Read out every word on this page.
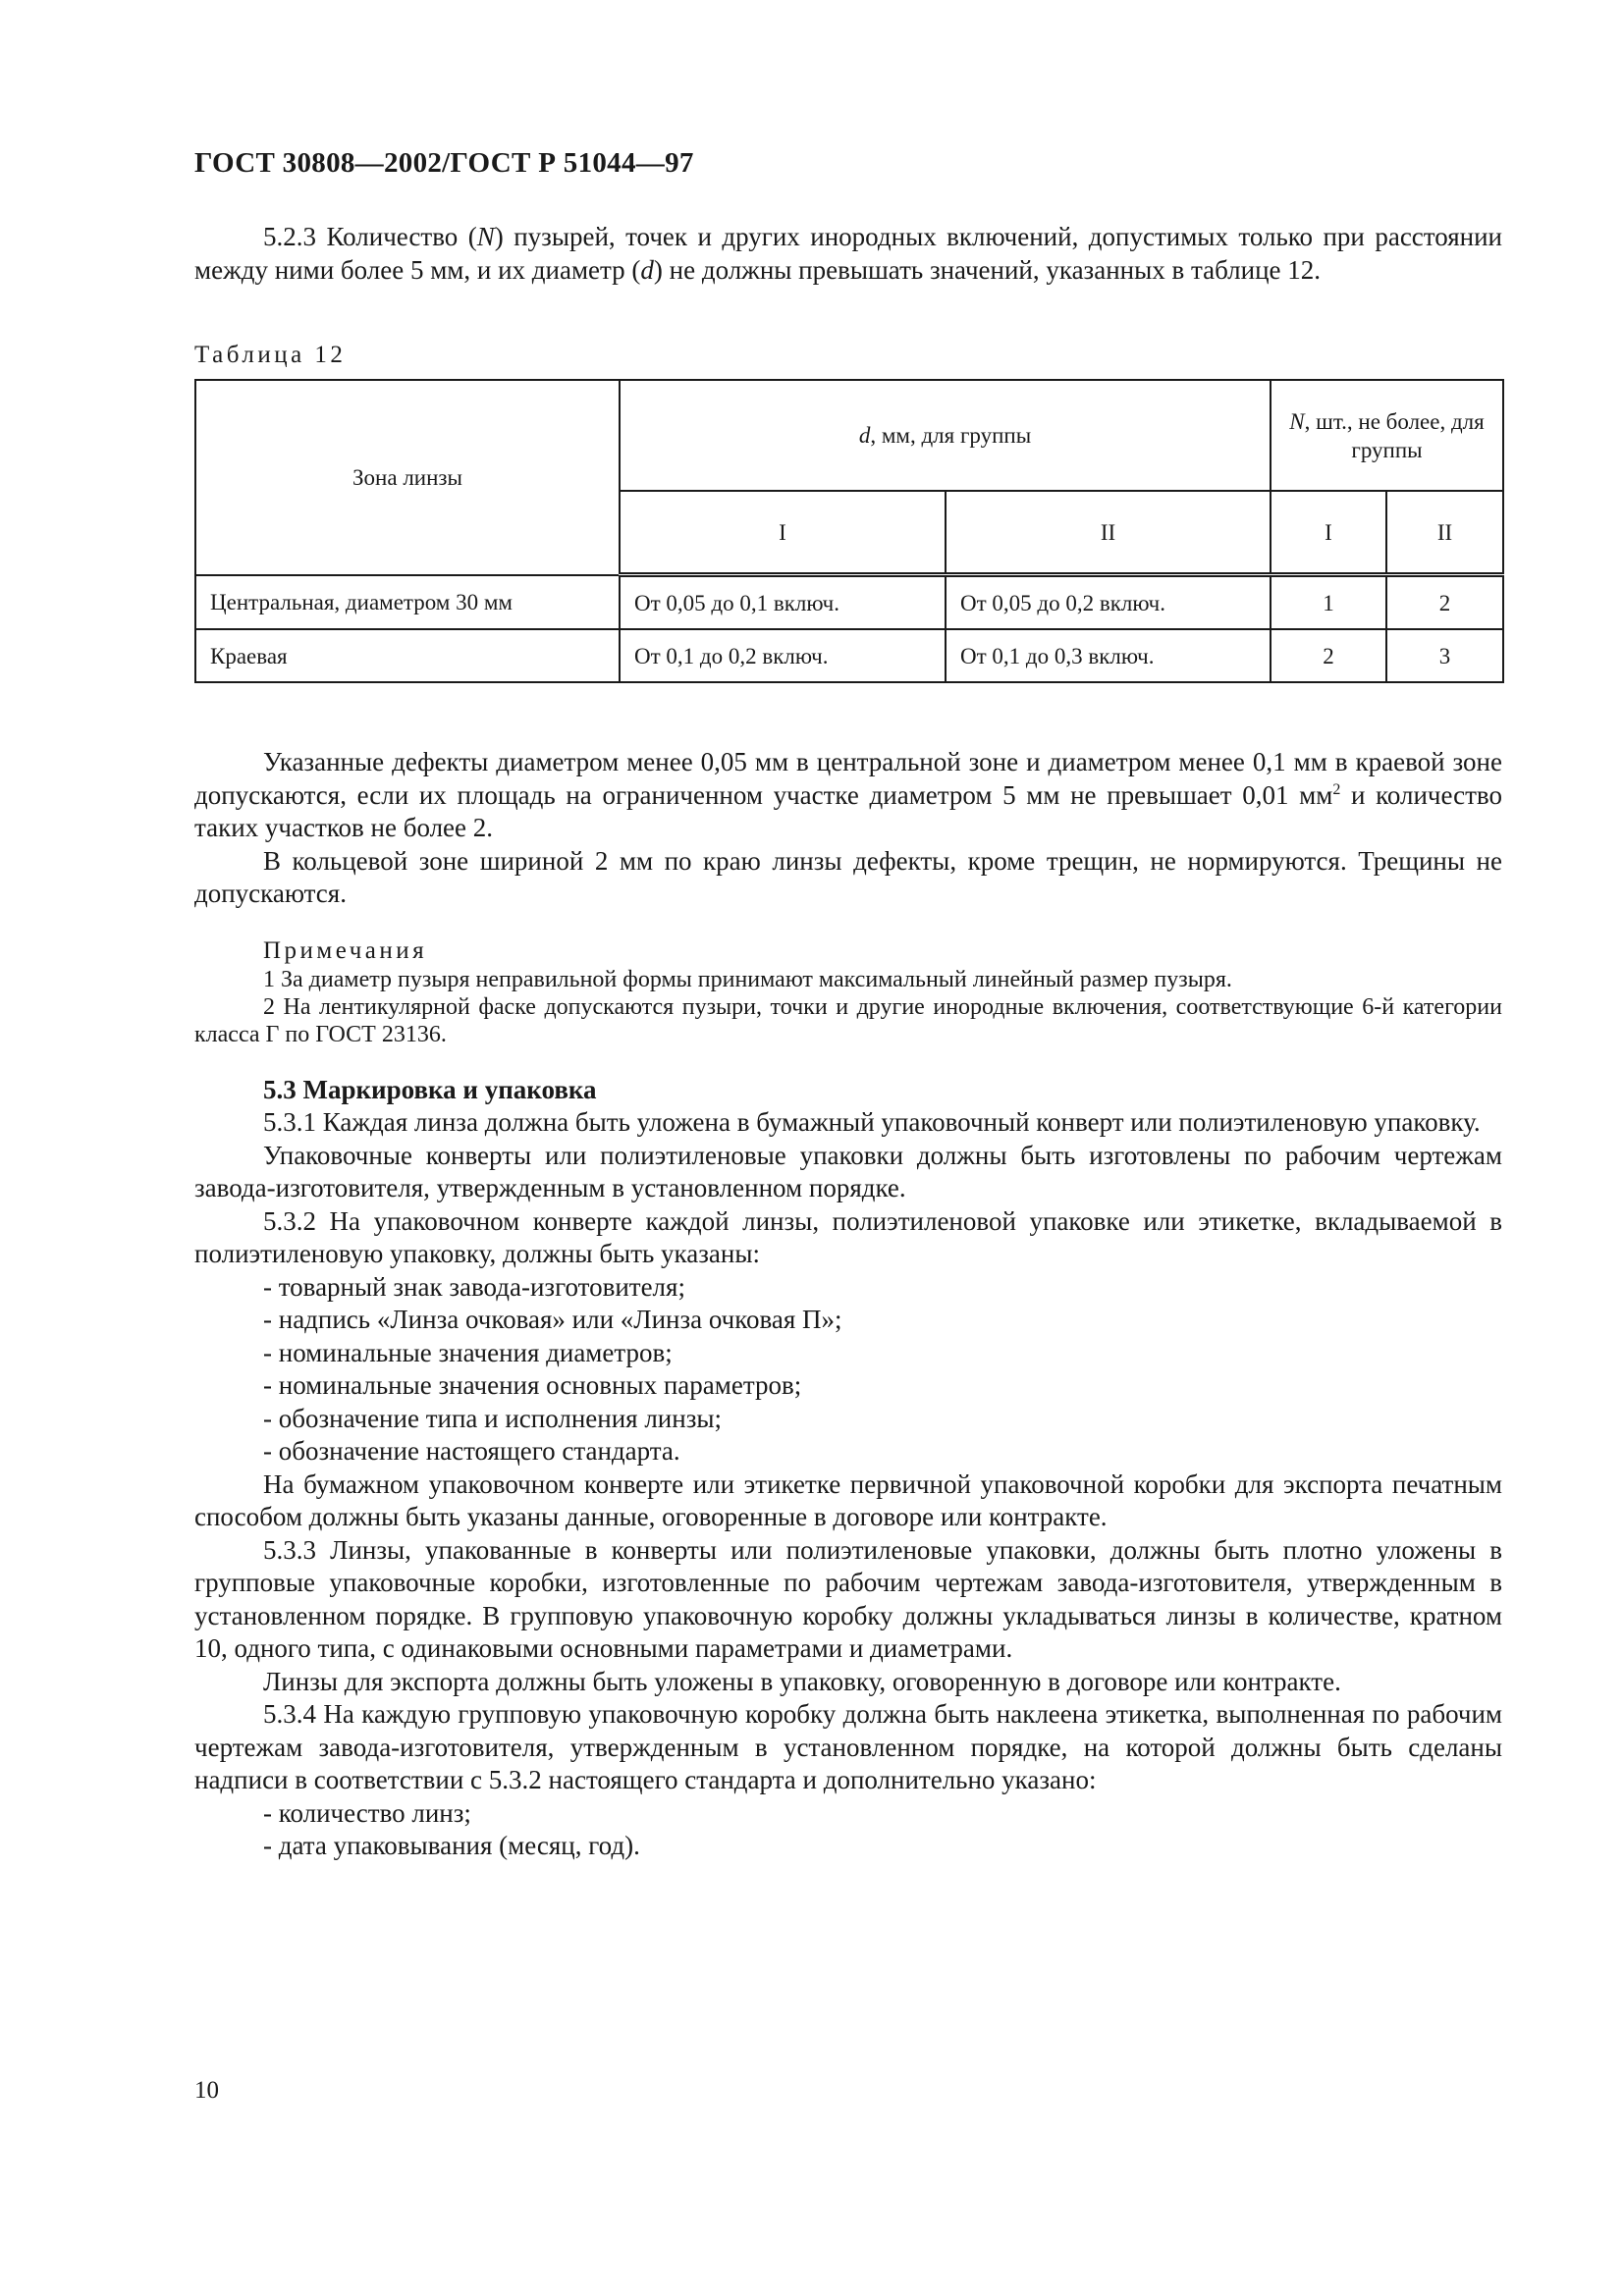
ГОСТ 30808—2002/ГОСТ Р 51044—97

5.2.3 Количество (N) пузырей, точек и других инородных включений, допустимых только при расстоянии между ними более 5 мм, и их диаметр (d) не должны превышать значений, указанных в таблице 12.

Таблица 12
Зона линзы	d, мм, для группы		N, шт., не более, для группы	
	I	II	I	II
Центральная, диаметром 30 мм	От 0,05 до 0,1 включ.	От 0,05 до 0,2 включ.	1	2
Краевая	От 0,1 до 0,2 включ.	От 0,1 до 0,3 включ.	2	3

Указанные дефекты диаметром менее 0,05 мм в центральной зоне и диаметром менее 0,1 мм в краевой зоне допускаются, если их площадь на ограниченном участке диаметром 5 мм не превышает 0,01 $мм^2$ и количество таких участков не более 2.

В кольцевой зоне шириной 2 мм по краю линзы дефекты, кроме трещин, не нормируются. Трещины не допускаются.

Примечания

1 За диаметр пузыря неправильной формы принимают максимальный линейный размер пузыря.

2 На лентикулярной фаске допускаются пузыри, точки и другие инородные включения, соответствующие 6-й категории класса Г по ГОСТ 23136.

5.3 Маркировка и упаковка

5.3.1 Каждая линза должна быть уложена в бумажный упаковочный конверт или полиэтиленовую упаковку.

Упаковочные конверты или полиэтиленовые упаковки должны быть изготовлены по рабочим чертежам завода-изготовителя, утвержденным в установленном порядке.

5.3.2 На упаковочном конверте каждой линзы, полиэтиленовой упаковке или этикетке, вкладываемой в полиэтиленовую упаковку, должны быть указаны:

- товарный знак завода-изготовителя;
- надпись «Линза очковая» или «Линза очковая П»;
- номинальные значения диаметров;
- номинальные значения основных параметров;
- обозначение типа и исполнения линзы;
- обозначение настоящего стандарта.

На бумажном упаковочном конверте или этикетке первичной упаковочной коробки для экспорта печатным способом должны быть указаны данные, оговоренные в договоре или контракте.

5.3.3 Линзы, упакованные в конверты или полиэтиленовые упаковки, должны быть плотно уложены в групповые упаковочные коробки, изготовленные по рабочим чертежам завода-изготовителя, утвержденным в установленном порядке. В групповую упаковочную коробку должны укладываться линзы в количестве, кратном 10, одного типа, с одинаковыми основными параметрами и диаметрами.

Линзы для экспорта должны быть уложены в упаковку, оговоренную в договоре или контракте.

5.3.4 На каждую групповую упаковочную коробку должна быть наклеена этикетка, выполненная по рабочим чертежам завода-изготовителя, утвержденным в установленном порядке, на которой должны быть сделаны надписи в соответствии с 5.3.2 настоящего стандарта и дополнительно указано:

- количество линз;
- дата упаковывания (месяц, год).
10
